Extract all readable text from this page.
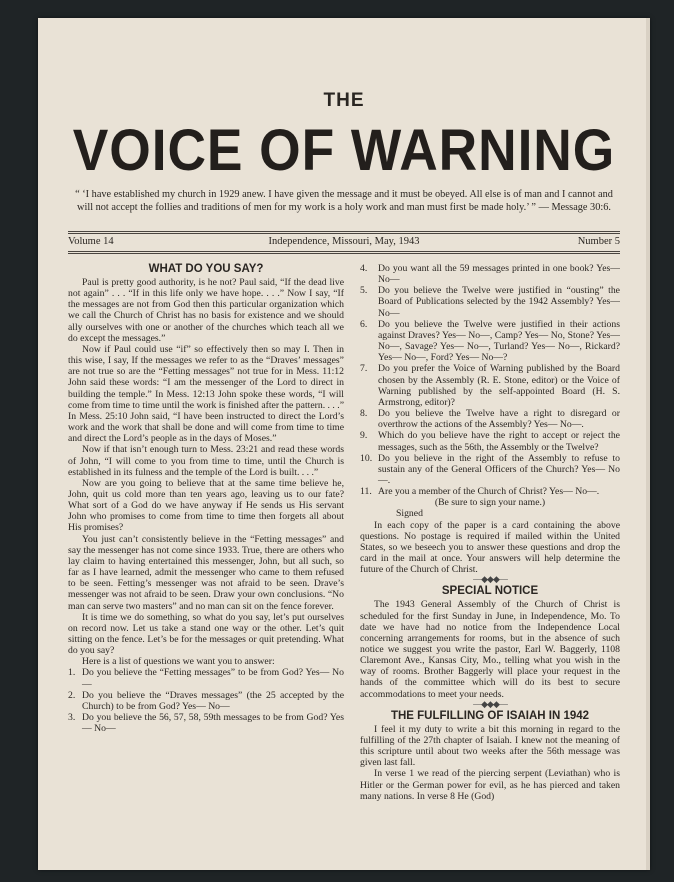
THE
VOICE OF WARNING
“ ‘I have established my church in 1929 anew. I have given the message and it must be obeyed. All else is of man and I cannot and will not accept the follies and traditions of men for my work is a holy work and man must first be made holy.’ ” — Message 30:6.
Volume 14	Independence, Missouri, May, 1943	Number 5
WHAT DO YOU SAY?

Paul is pretty good authority, is he not? Paul said, “If the dead live not again” . . . “If in this life only we have hope. . . .” Now I say, “If the messages are not from God then this particular organization which we call the Church of Christ has no basis for existence and we should ally ourselves with one or another of the churches which teach all we do except the messages.”

Now if Paul could use “if” so effectively then so may I. Then in this wise, I say, If the messages we refer to as the “Draves’ messages” are not true so are the “Fetting messages” not true for in Mess. 11:12 John said these words: “I am the messenger of the Lord to direct in building the temple.” In Mess. 12:13 John spoke these words, “I will come from time to time until the work is finished after the pattern. . . .” In Mess. 25:10 John said, “I have been instructed to direct the Lord’s work and the work that shall be done and will come from time to time and direct the Lord’s people as in the days of Moses.”

Now if that isn’t enough turn to Mess. 23:21 and read these words of John, “I will come to you from time to time, until the Church is established in its fulness and the temple of the Lord is built. . . .”

Now are you going to believe that at the same time believe he, John, quit us cold more than ten years ago, leaving us to our fate? What sort of a God do we have anyway if He sends us His servant John who promises to come from time to time then forgets all about His promises?

You just can’t consistently believe in the “Fetting messages” and say the messenger has not come since 1933. True, there are others who lay claim to having entertained this messenger, John, but all such, so far as I have learned, admit the messenger who came to them refused to be seen. Fetting’s messenger was not afraid to be seen. Drave’s messenger was not afraid to be seen. Draw your own conclusions. “No man can serve two masters” and no man can sit on the fence forever.

It is time we do something, so what do you say, let’s put ourselves on record now. Let us take a stand one way or the other. Let’s quit sitting on the fence. Let’s be for the messages or quit pretending. What do you say?

Here is a list of questions we want you to answer:

1. Do you believe the “Fetting messages” to be from God? Yes— No—
2. Do you believe the “Draves messages” (the 25 accepted by the Church) to be from God? Yes— No—
3. Do you believe the 56, 57, 58, 59th messages to be from God? Yes— No—
4. Do you want all the 59 messages printed in one book? Yes— No—
5. Do you believe the Twelve were justified in “ousting” the Board of Publications selected by the 1942 Assembly? Yes— No—
6. Do you believe the Twelve were justified in their actions against Draves? Yes— No—, Camp? Yes— No, Stone? Yes— No—, Savage? Yes— No—, Turland? Yes— No—, Rickard? Yes— No—, Ford? Yes— No—?
7. Do you prefer the Voice of Warning published by the Board chosen by the Assembly (R. E. Stone, editor) or the Voice of Warning published by the self-appointed Board (H. S. Armstrong, editor)?
8. Do you believe the Twelve have a right to disregard or overthrow the actions of the Assembly? Yes— No—.
9. Which do you believe have the right to accept or reject the messages, such as the 56th, the Assembly or the Twelve?
10. Do you believe in the right of the Assembly to refuse to sustain any of the General Officers of the Church? Yes— No—.
11. Are you a member of the Church of Christ? Yes— No—.

(Be sure to sign your name.)

Signed

In each copy of the paper is a card containing the above questions. No postage is required if mailed within the United States, so we beseech you to answer these questions and drop the card in the mail at once. Your answers will help determine the future of the Church of Christ.

—◆◆◆—
SPECIAL NOTICE

The 1943 General Assembly of the Church of Christ is scheduled for the first Sunday in June, in Independence, Mo. To date we have had no notice from the Independence Local concerning arrangements for rooms, but in the absence of such notice we suggest you write the pastor, Earl W. Baggerly, 1108 Claremont Ave., Kansas City, Mo., telling what you wish in the way of rooms. Brother Baggerly will place your request in the hands of the committee which will do its best to secure accommodations to meet your needs.

—◆◆◆—
THE FULFILLING OF ISAIAH IN 1942

I feel it my duty to write a bit this morning in regard to the fulfilling of the 27th chapter of Isaiah. I knew not the meaning of this scripture until about two weeks after the 56th message was given last fall.

In verse 1 we read of the piercing serpent (Leviathan) who is Hitler or the German power for evil, as he has pierced and taken many nations. In verse 8 He (God)
